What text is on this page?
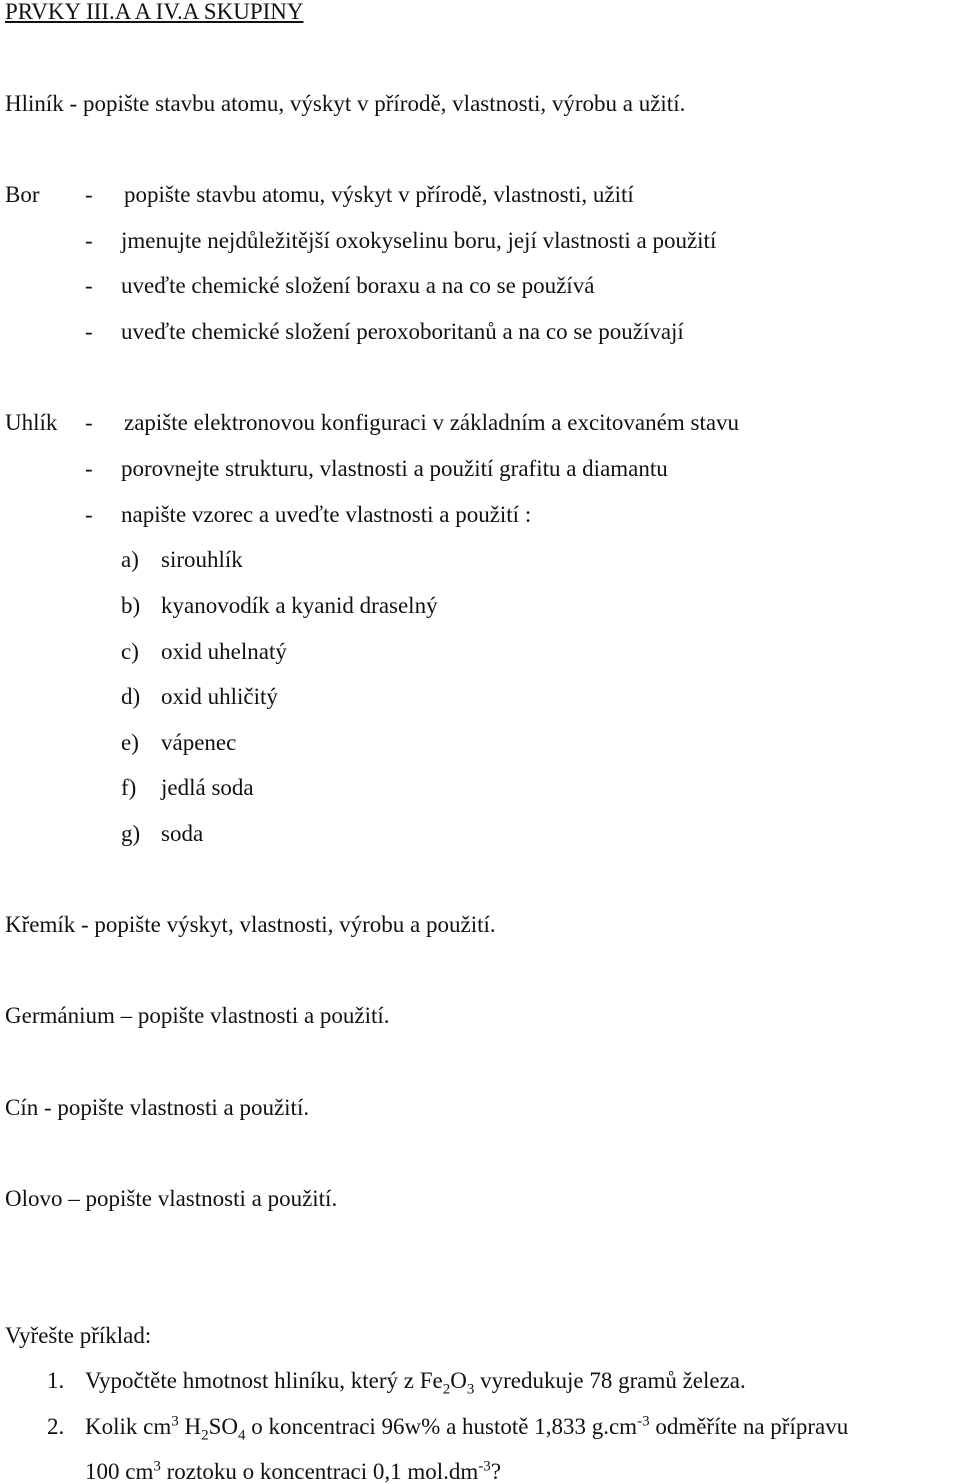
PRVKY III.A A IV.A SKUPINY
Hliník - popište stavbu atomu, výskyt v přírodě, vlastnosti, výrobu a užití.
Bor - popište stavbu atomu, výskyt v přírodě, vlastnosti, užití
- jmenujte nejdůležitější oxokyselinu boru, její vlastnosti a použití
- uveďte chemické složení boraxu a na co se používá
- uveďte chemické složení peroxoboritanů a na co se používají
Uhlík - zapište elektronovou konfiguraci v základním a excitovaném stavu
- porovnejte strukturu, vlastnosti a použití grafitu a diamantu
- napište vzorec a uveďte vlastnosti a použití :
a) sirouhlík
b) kyanovodík a kyanid draselný
c) oxid uhelnatý
d) oxid uhličitý
e) vápenec
f) jedlá soda
g) soda
Křemík - popište výskyt, vlastnosti, výrobu a použití.
Germánium – popište vlastnosti a použití.
Cín - popište vlastnosti a použití.
Olovo – popište vlastnosti a použití.
Vyřešte příklad:
1. Vypočtěte hmotnost hliníku, který z $Fe_2O_3$ vyredukuje 78 gramů železa.
2. Kolik $cm^3$ $H_2SO_4$ o koncentraci 96w% a hustotě 1,833 $g.cm^{-3}$ odměříte na přípravu
100 $cm^3$ roztoku o koncentraci 0,1 $mol.dm^{-3}$?
